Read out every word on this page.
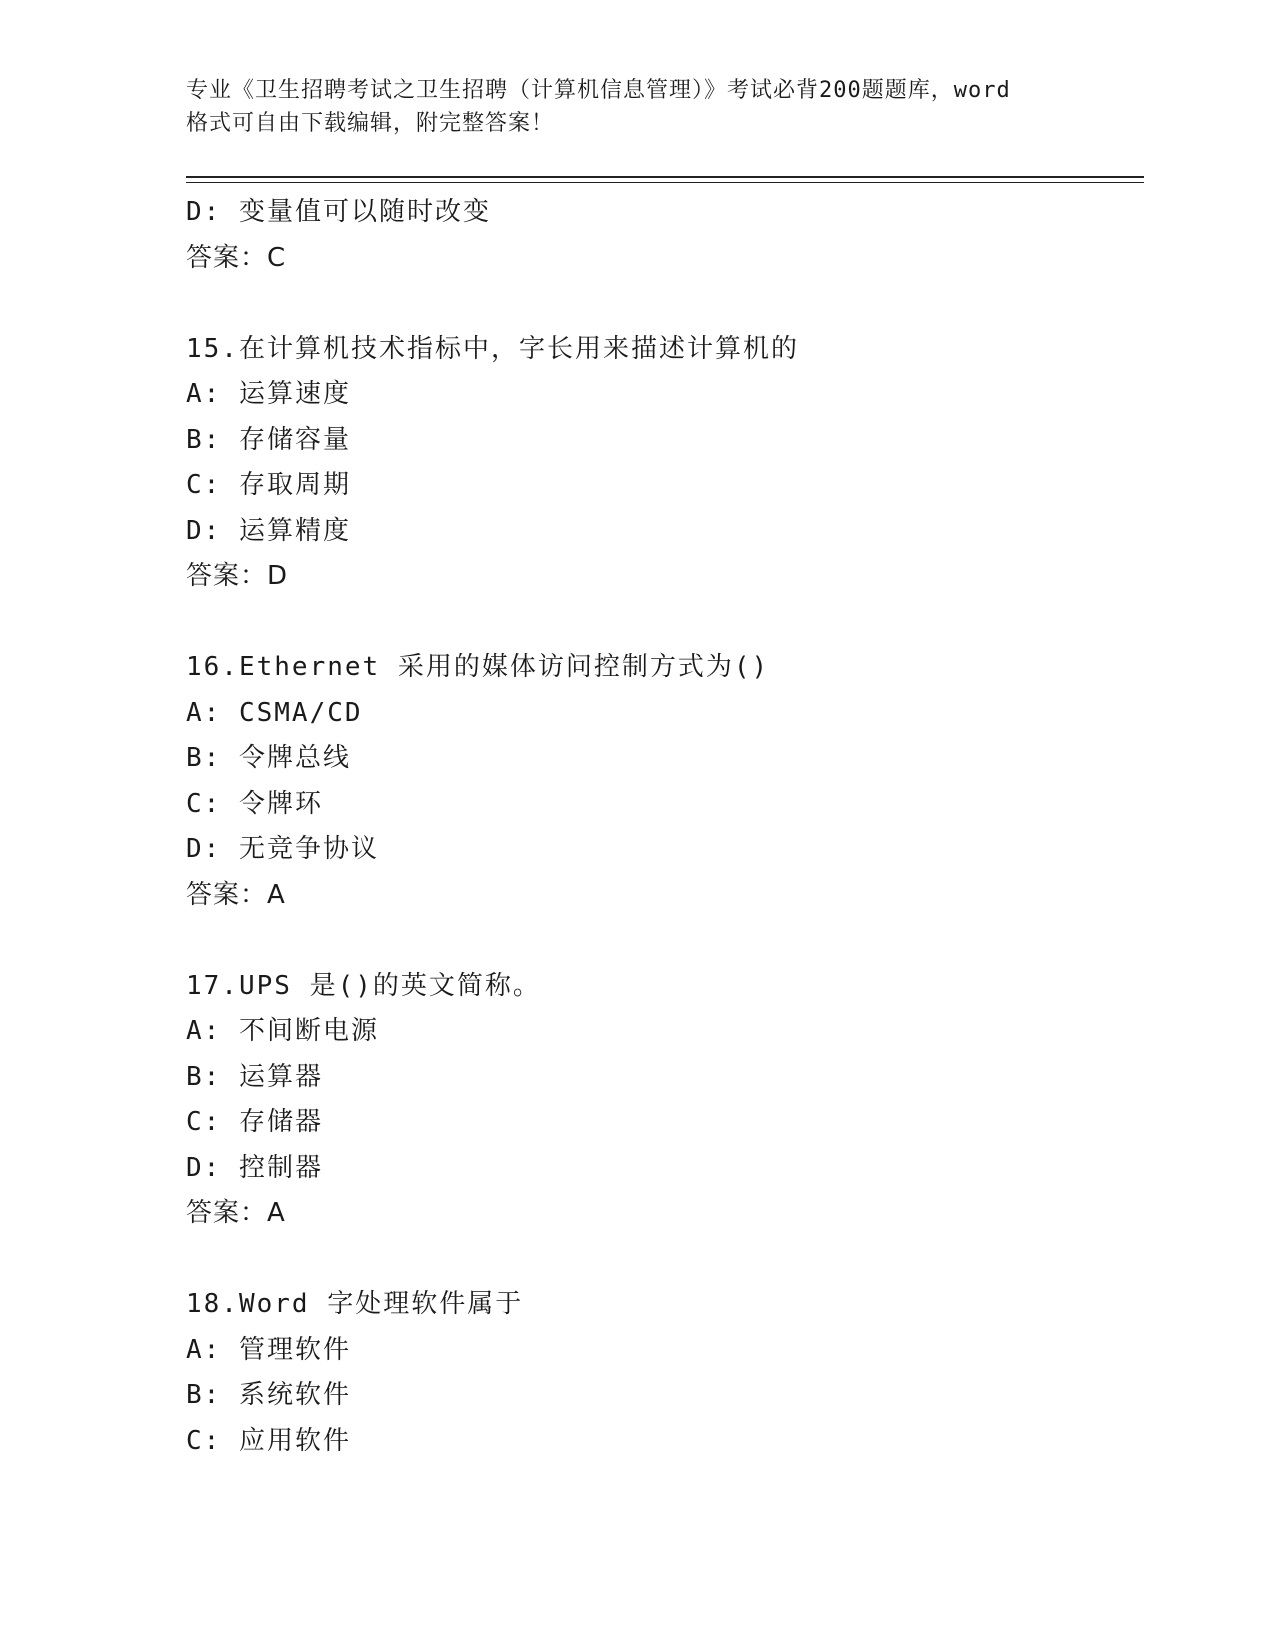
专业《卫生招聘考试之卫生招聘（计算机信息管理）》考试必背200题题库，word
格式可自由下载编辑，附完整答案！
D: 变量值可以随时改变
答案：C
15.在计算机技术指标中，字长用来描述计算机的
A: 运算速度
B: 存储容量
C: 存取周期
D: 运算精度
答案：D
16.Ethernet 采用的媒体访问控制方式为()
A: CSMA/CD
B: 令牌总线
C: 令牌环
D: 无竞争协议
答案：A
17.UPS 是()的英文简称。
A: 不间断电源
B: 运算器
C: 存储器
D: 控制器
答案：A
18.Word 字处理软件属于
A: 管理软件
B: 系统软件
C: 应用软件
